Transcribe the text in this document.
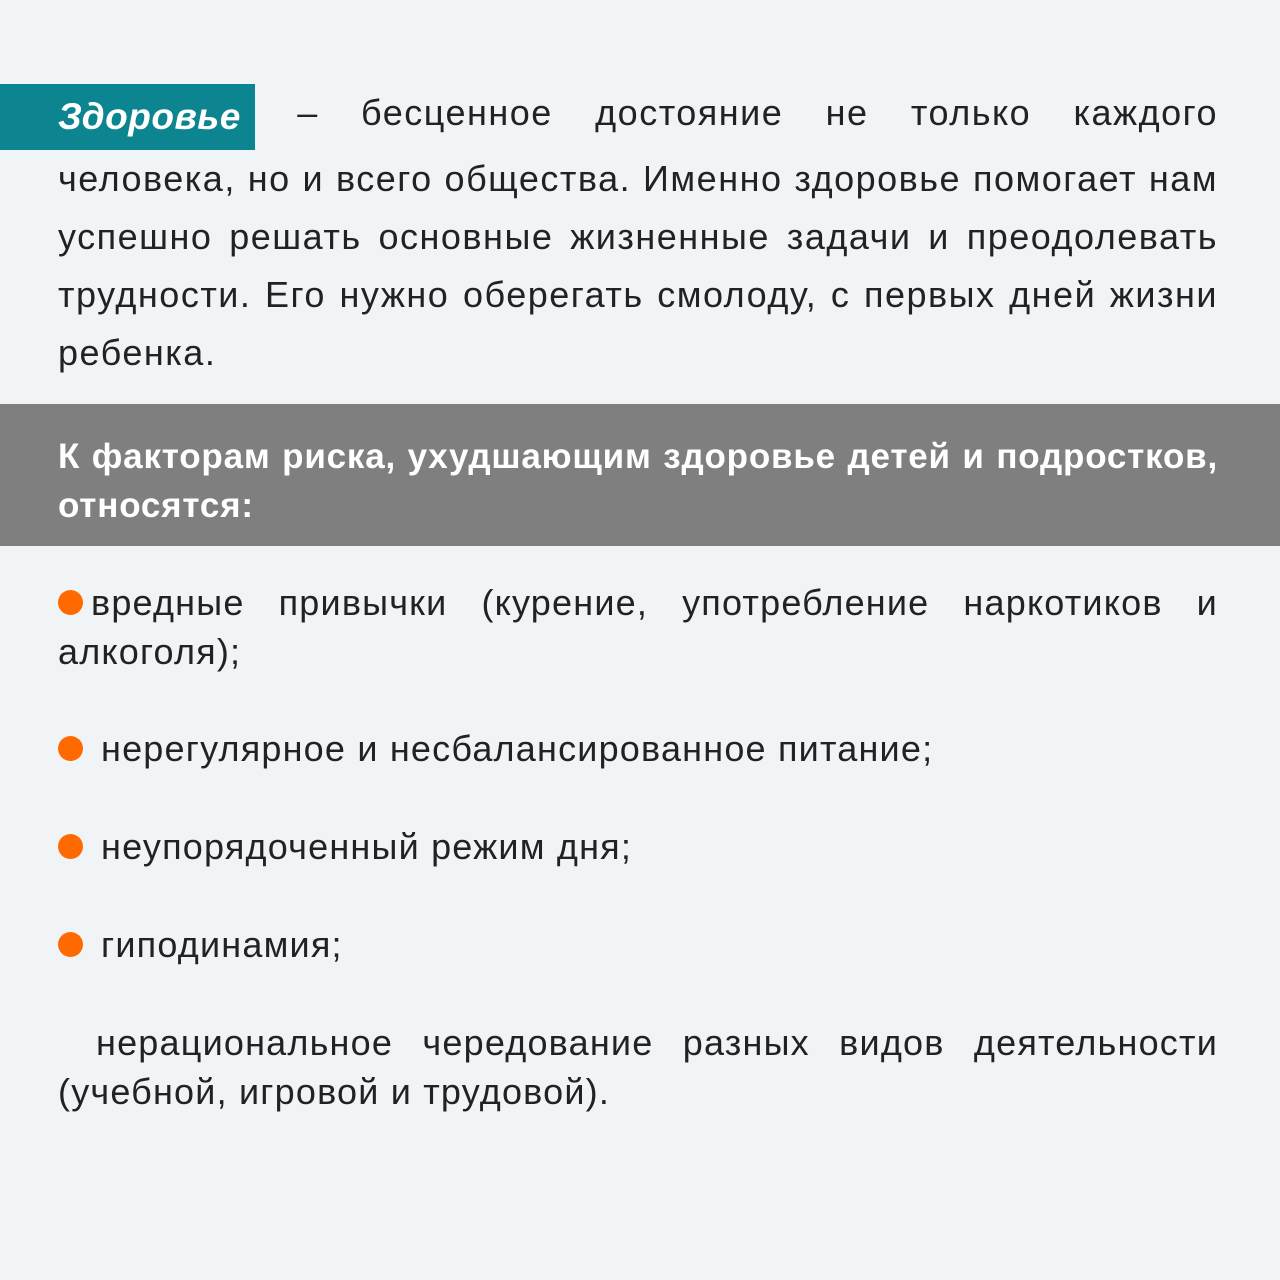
Здоровье – бесценное достояние не только каждого человека, но и всего общества. Именно здоровье помогает нам успешно решать основные жизненные задачи и преодолевать трудности. Его нужно оберегать смолоду, с первых дней жизни ребенка.
К факторам риска, ухудшающим здоровье детей и подростков, относятся:
вредные привычки (курение, употребление наркотиков и алкоголя);
нерегулярное и несбалансированное питание;
неупорядоченный режим дня;
гиподинамия;
нерациональное чередование разных видов деятельности (учебной, игровой и трудовой).
